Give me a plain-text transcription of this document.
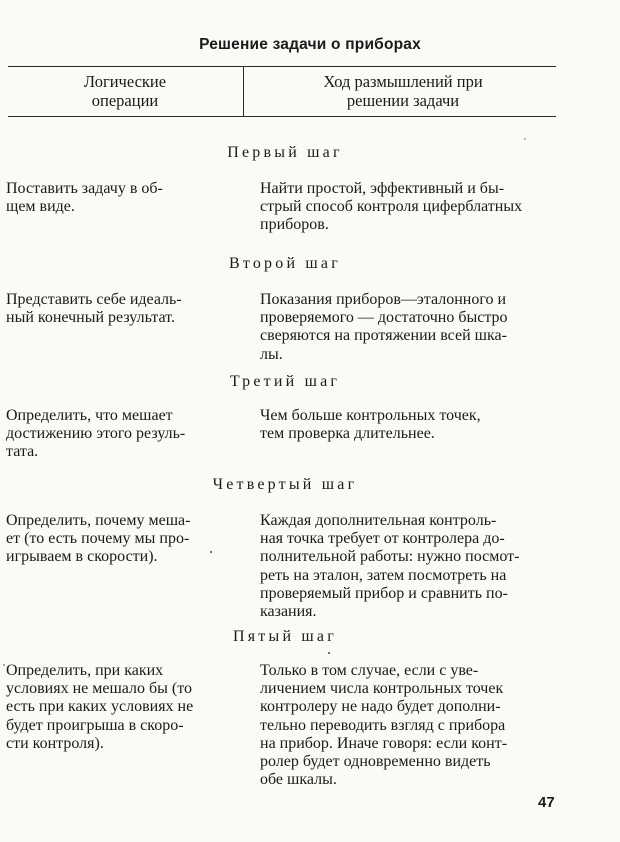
Решение задачи о приборах
Логические
операции
Ход размышлений при
решении задачи
Первый шаг
Поставить задачу в об-
щем виде.
Найти простой, эффективный и бы-
стрый способ контроля циферблатных
приборов.
Второй шаг
Представить себе идеаль-
ный конечный результат.
Показания приборов—эталонного и
проверяемого — достаточно быстро
сверяются на протяжении всей шка-
лы.
Третий шаг
Определить, что мешает
достижению этого резуль-
тата.
Чем больше контрольных точек,
тем проверка длительнее.
Четвертый шаг
Определить, почему меша-
ет (то есть почему мы про-
игрываем в скорости).
Каждая дополнительная контроль-
ная точка требует от контролера до-
полнительной работы: нужно посмот-
реть на эталон, затем посмотреть на
проверяемый прибор и сравнить по-
казания.
Пятый шаг
Определить, при каких
условиях не мешало бы (то
есть при каких условиях не
будет проигрыша в скоро-
сти контроля).
Только в том случае, если с уве-
личением числа контрольных точек
контролеру не надо будет дополни-
тельно переводить взгляд с прибора
на прибор. Иначе говоря: если конт-
ролер будет одновременно видеть
обе шкалы.
47
